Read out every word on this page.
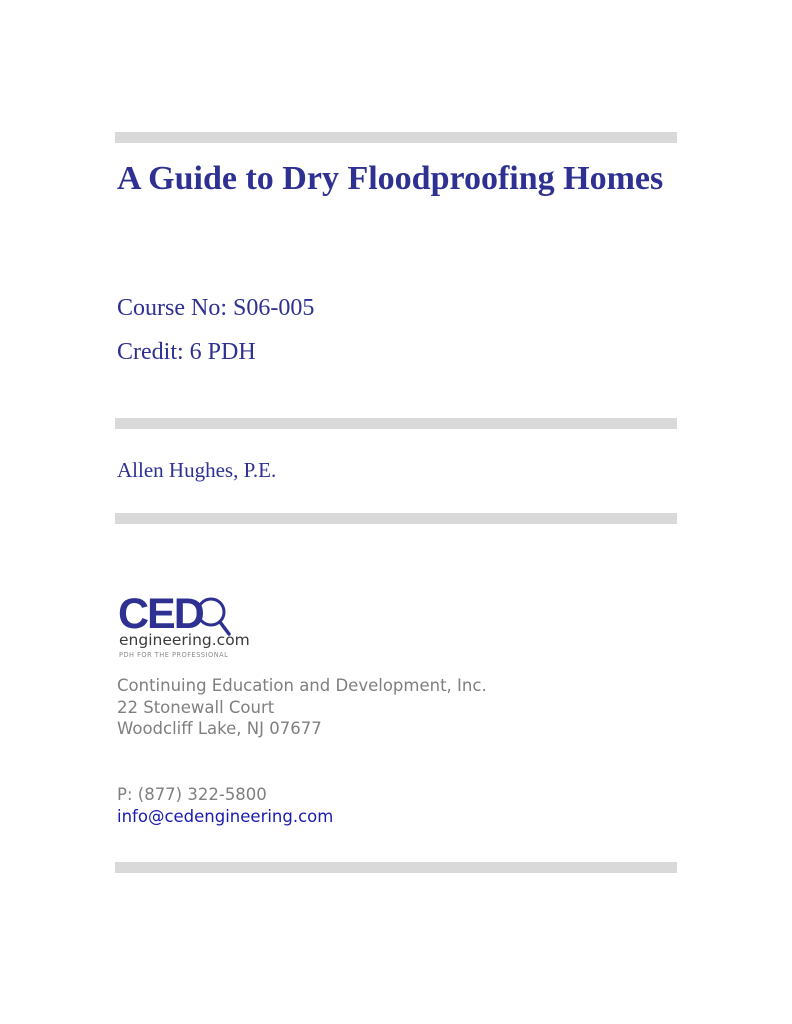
A Guide to Dry Floodproofing Homes

Course No: S06-005

Credit: 6 PDH

Allen Hughes, P.E.

CED
engineering.com
PDH FOR THE PROFESSIONAL
Continuing Education and Development, Inc.
22 Stonewall Court
Woodcliff Lake, NJ 07677
P: (877) 322-5800
info@cedengineering.com
